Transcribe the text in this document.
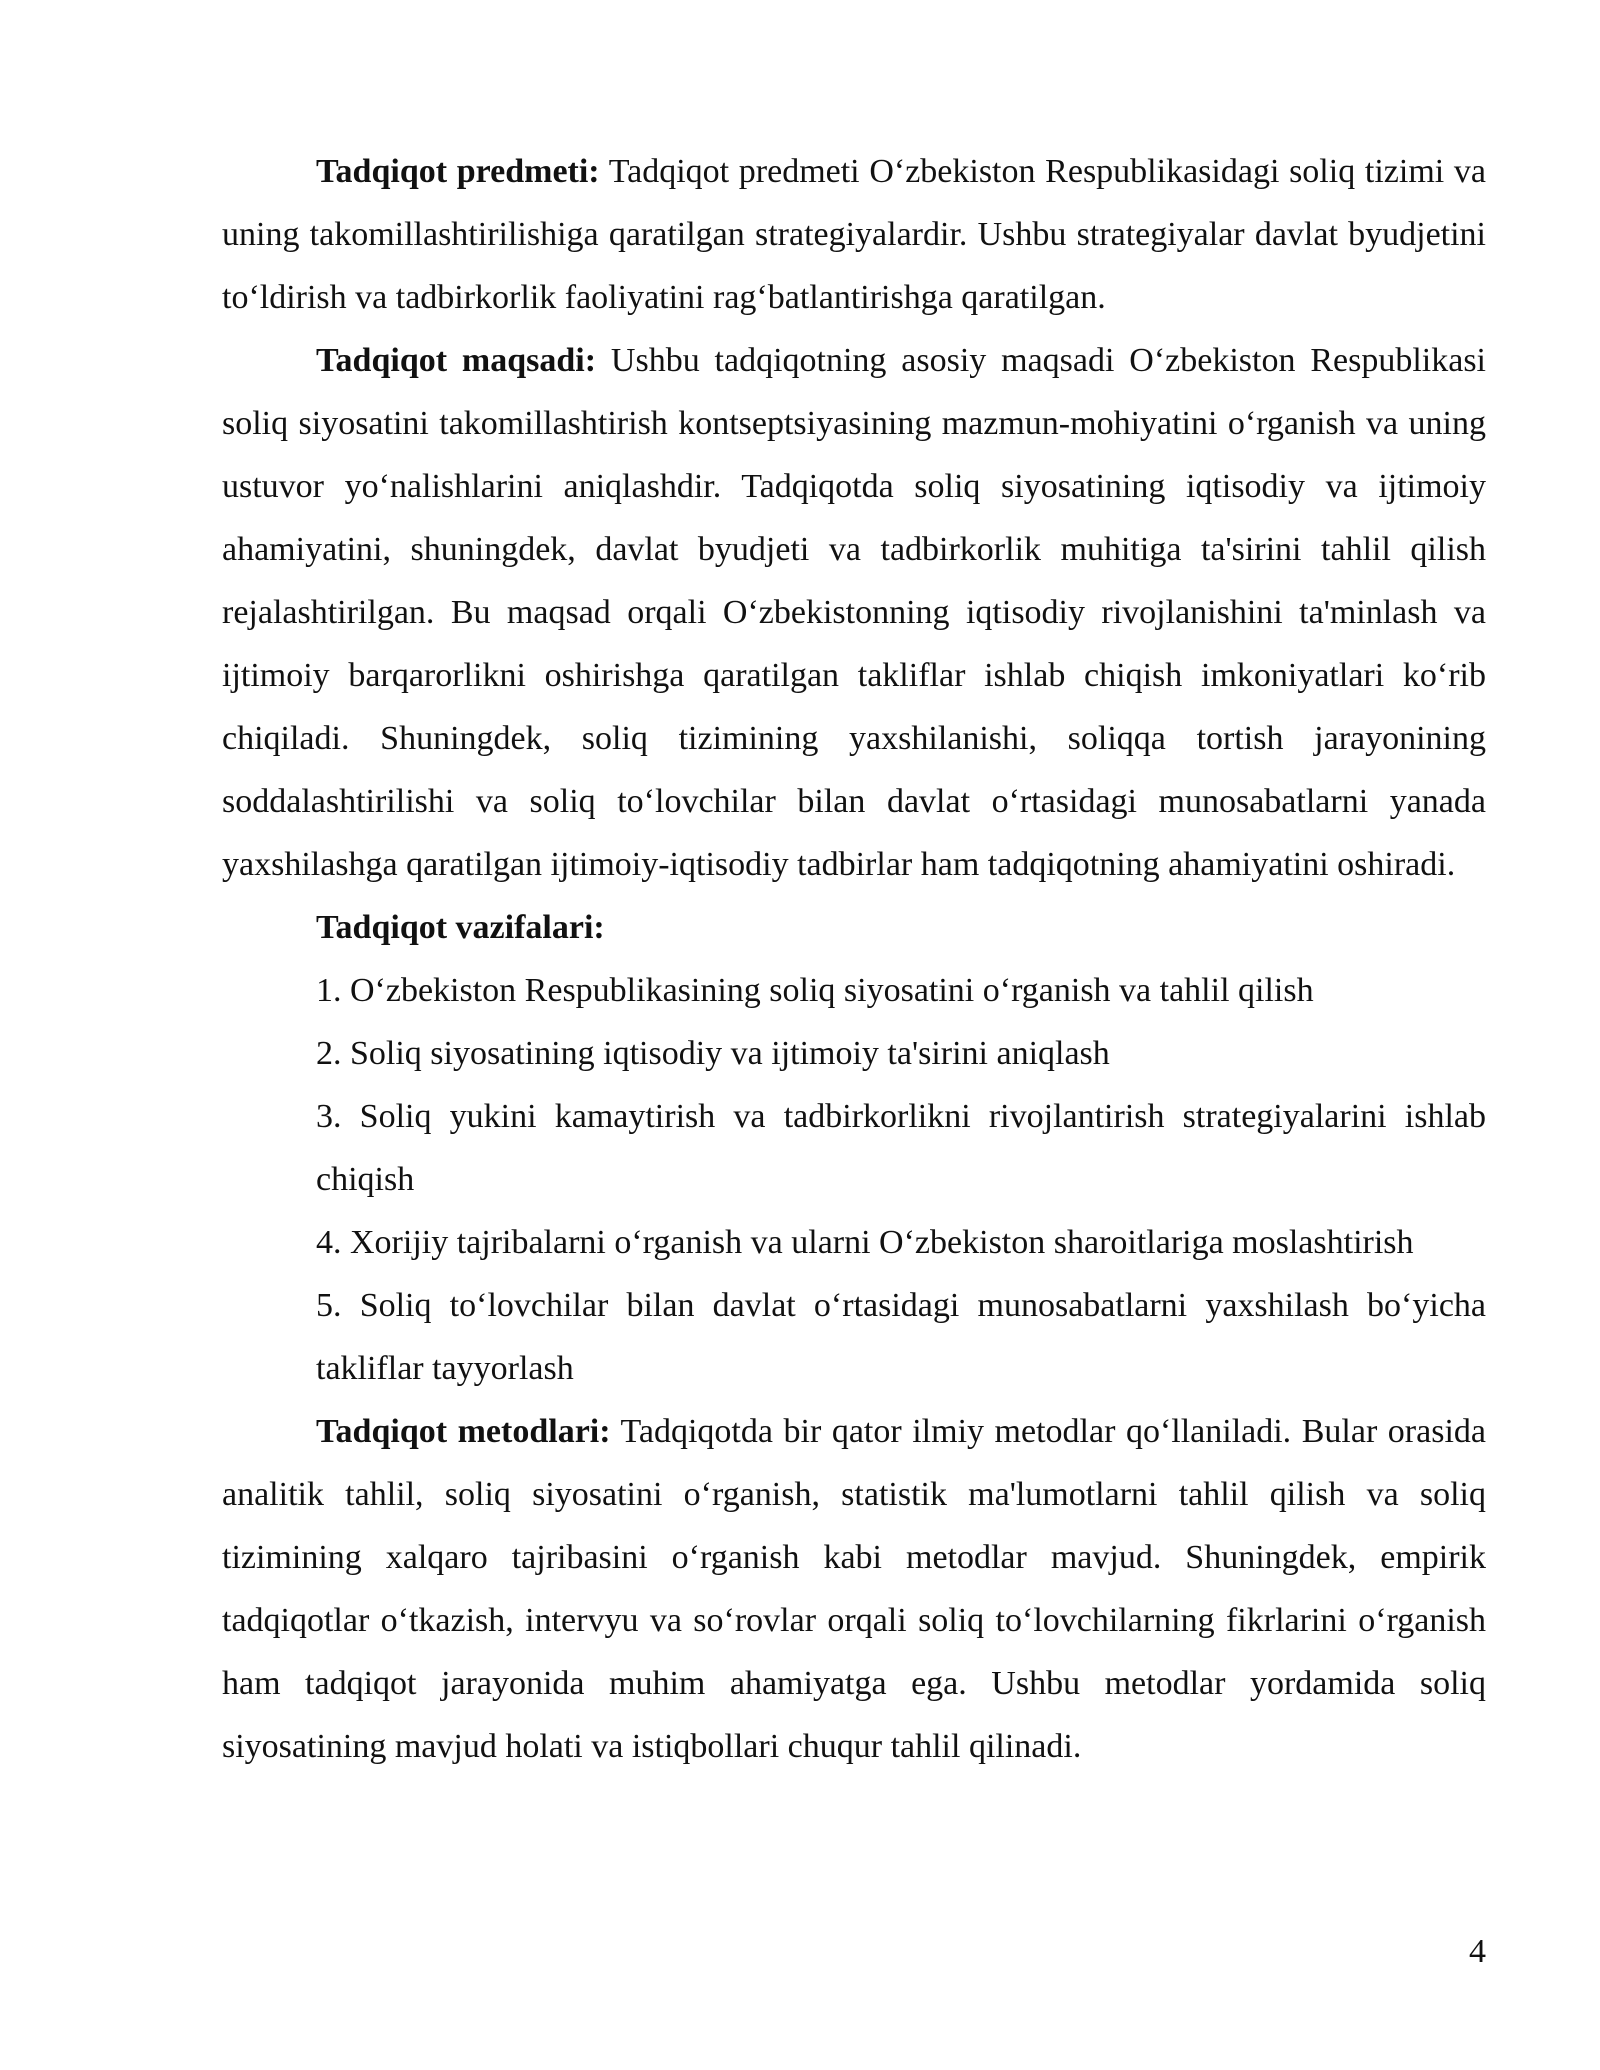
Tadqiqot predmeti: Tadqiqot predmeti O‘zbekiston Respublikasidagi soliq tizimi va uning takomillashtirilishiga qaratilgan strategiyalardir. Ushbu strategiyalar davlat byudjetini to‘ldirish va tadbirkorlik faoliyatini rag‘batlantirishga qaratilgan.

Tadqiqot maqsadi: Ushbu tadqiqotning asosiy maqsadi O‘zbekiston Respublikasi soliq siyosatini takomillashtirish kontseptsiyasining mazmun-mohiyatini o‘rganish va uning ustuvor yo‘nalishlarini aniqlashdir. Tadqiqotda soliq siyosatining iqtisodiy va ijtimoiy ahamiyatini, shuningdek, davlat byudjeti va tadbirkorlik muhitiga ta'sirini tahlil qilish rejalashtirilgan. Bu maqsad orqali O‘zbekistonning iqtisodiy rivojlanishini ta'minlash va ijtimoiy barqarorlikni oshirishga qaratilgan takliflar ishlab chiqish imkoniyatlari ko‘rib chiqiladi. Shuningdek, soliq tizimining yaxshilanishi, soliqqa tortish jarayonining soddalashtirilishi va soliq to‘lovchilar bilan davlat o‘rtasidagi munosabatlarni yanada yaxshilashga qaratilgan ijtimoiy-iqtisodiy tadbirlar ham tadqiqotning ahamiyatini oshiradi.

Tadqiqot vazifalari:

1. O‘zbekiston Respublikasining soliq siyosatini o‘rganish va tahlil qilish

2. Soliq siyosatining iqtisodiy va ijtimoiy ta'sirini aniqlash

3. Soliq yukini kamaytirish va tadbirkorlikni rivojlantirish strategiyalarini ishlab chiqish

4. Xorijiy tajribalarni o‘rganish va ularni O‘zbekiston sharoitlariga moslashtirish

5. Soliq to‘lovchilar bilan davlat o‘rtasidagi munosabatlarni yaxshilash bo‘yicha takliflar tayyorlash

Tadqiqot metodlari: Tadqiqotda bir qator ilmiy metodlar qo‘llaniladi. Bular orasida analitik tahlil, soliq siyosatini o‘rganish, statistik ma'lumotlarni tahlil qilish va soliq tizimining xalqaro tajribasini o‘rganish kabi metodlar mavjud. Shuningdek, empirik tadqiqotlar o‘tkazish, intervyu va so‘rovlar orqali soliq to‘lovchilarning fikrlarini o‘rganish ham tadqiqot jarayonida muhim ahamiyatga ega. Ushbu metodlar yordamida soliq siyosatining mavjud holati va istiqbollari chuqur tahlil qilinadi.

4
